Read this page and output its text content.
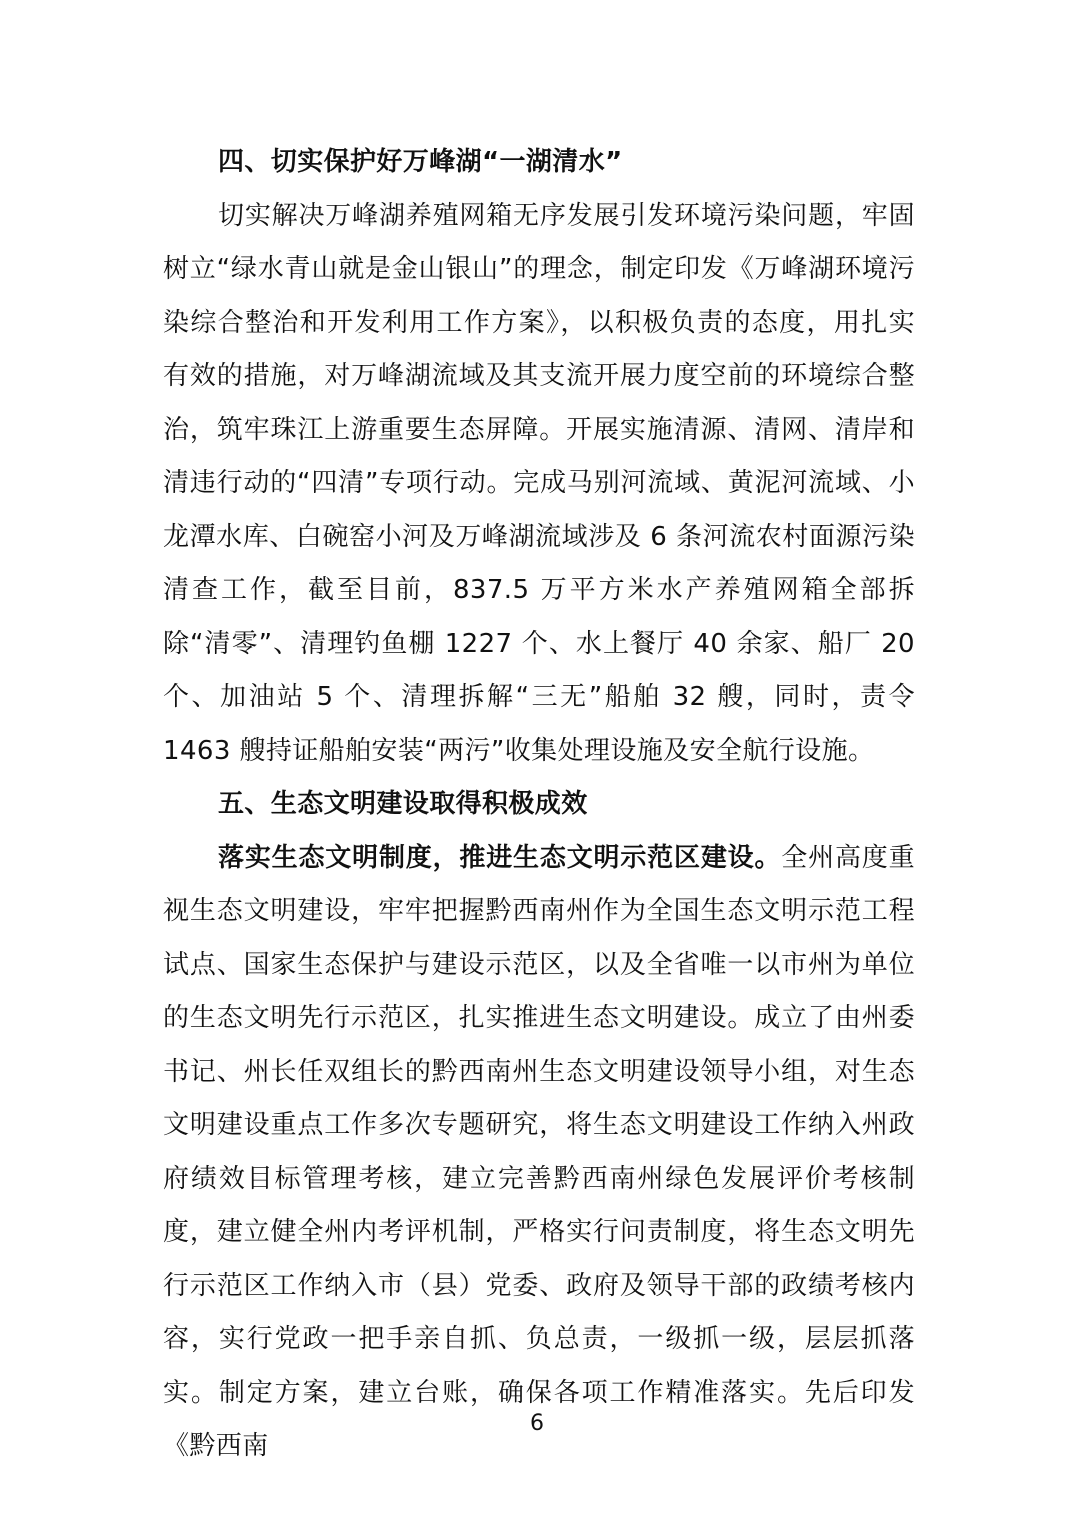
四、切实保护好万峰湖“一湖清水”

切实解决万峰湖养殖网箱无序发展引发环境污染问题，牢固树立“绿水青山就是金山银山”的理念，制定印发《万峰湖环境污染综合整治和开发利用工作方案》，以积极负责的态度，用扎实有效的措施，对万峰湖流域及其支流开展力度空前的环境综合整治，筑牢珠江上游重要生态屏障。开展实施清源、清网、清岸和清违行动的“四清”专项行动。完成马别河流域、黄泥河流域、小龙潭水库、白碗窑小河及万峰湖流域涉及 6 条河流农村面源污染清查工作，截至目前，837.5 万平方米水产养殖网箱全部拆除“清零”、清理钓鱼棚 1227 个、水上餐厅 40 余家、船厂 20 个、加油站 5 个、清理拆解“三无”船舶 32 艘，同时，责令 1463 艘持证船舶安装“两污”收集处理设施及安全航行设施。

五、生态文明建设取得积极成效

落实生态文明制度，推进生态文明示范区建设。全州高度重视生态文明建设，牢牢把握黔西南州作为全国生态文明示范工程试点、国家生态保护与建设示范区，以及全省唯一以市州为单位的生态文明先行示范区，扎实推进生态文明建设。成立了由州委书记、州长任双组长的黔西南州生态文明建设领导小组，对生态文明建设重点工作多次专题研究，将生态文明建设工作纳入州政府绩效目标管理考核，建立完善黔西南州绿色发展评价考核制度，建立健全州内考评机制，严格实行问责制度，将生态文明先行示范区工作纳入市（县）党委、政府及领导干部的政绩考核内容，实行党政一把手亲自抓、负总责，一级抓一级，层层抓落实。制定方案，建立台账，确保各项工作精准落实。先后印发《黔西南

6
